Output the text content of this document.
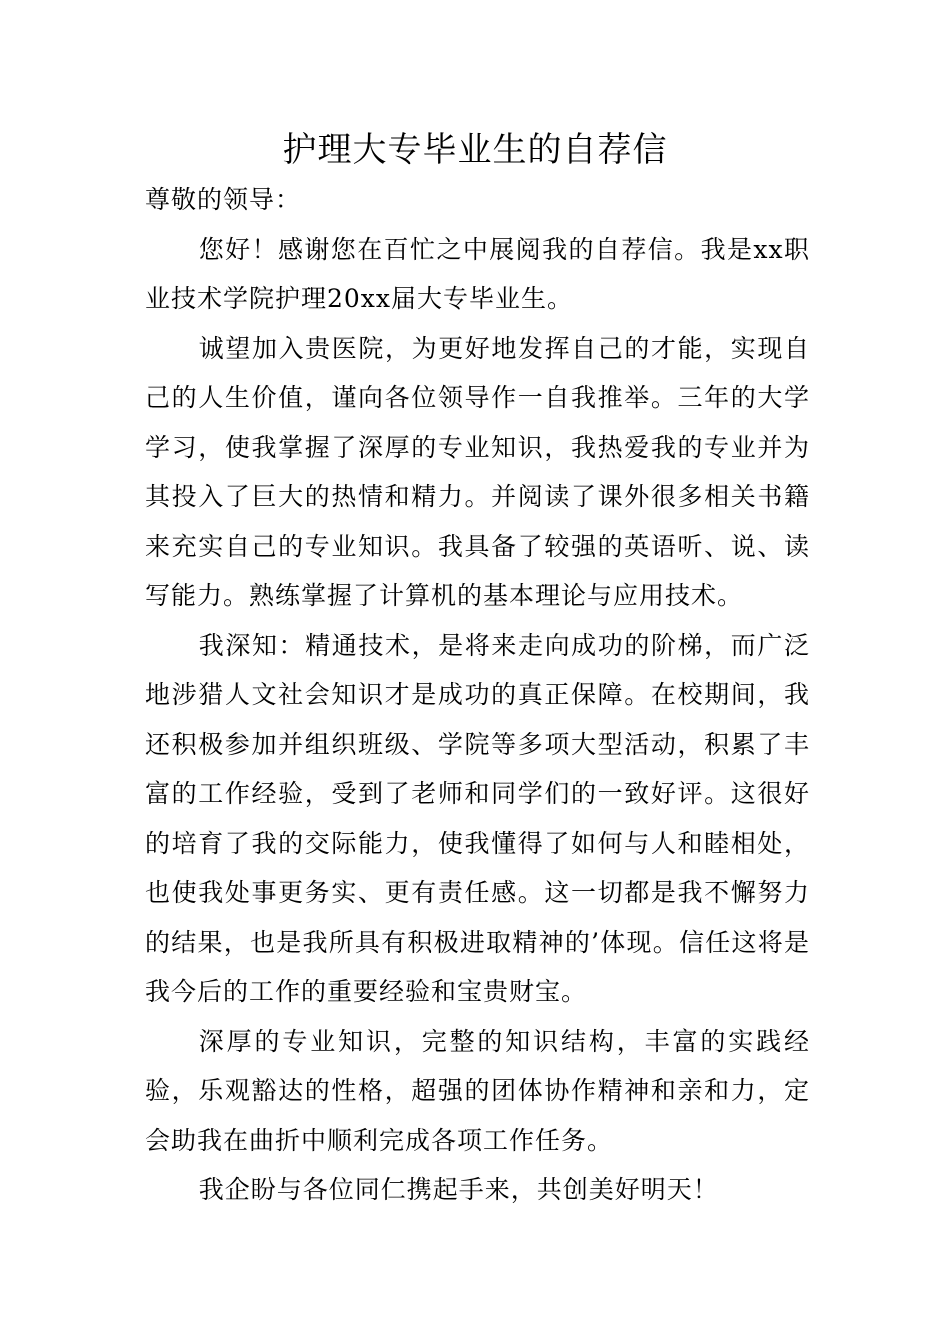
护理大专毕业生的自荐信

尊敬的领导：

您好！感谢您在百忙之中展阅我的自荐信。我是xx职业技术学院护理20xx届大专毕业生。

诚望加入贵医院，为更好地发挥自己的才能，实现自己的人生价值，谨向各位领导作一自我推举。三年的大学学习，使我掌握了深厚的专业知识，我热爱我的专业并为其投入了巨大的热情和精力。并阅读了课外很多相关书籍来充实自己的专业知识。我具备了较强的英语听、说、读写能力。熟练掌握了计算机的基本理论与应用技术。

我深知：精通技术，是将来走向成功的阶梯，而广泛地涉猎人文社会知识才是成功的真正保障。在校期间，我还积极参加并组织班级、学院等多项大型活动，积累了丰富的工作经验，受到了老师和同学们的一致好评。这很好的培育了我的交际能力，使我懂得了如何与人和睦相处，也使我处事更务实、更有责任感。这一切都是我不懈努力的结果，也是我所具有积极进取精神的’体现。信任这将是我今后的工作的重要经验和宝贵财宝。

深厚的专业知识，完整的知识结构，丰富的实践经验，乐观豁达的性格，超强的团体协作精神和亲和力，定会助我在曲折中顺利完成各项工作任务。

我企盼与各位同仁携起手来，共创美好明天！
